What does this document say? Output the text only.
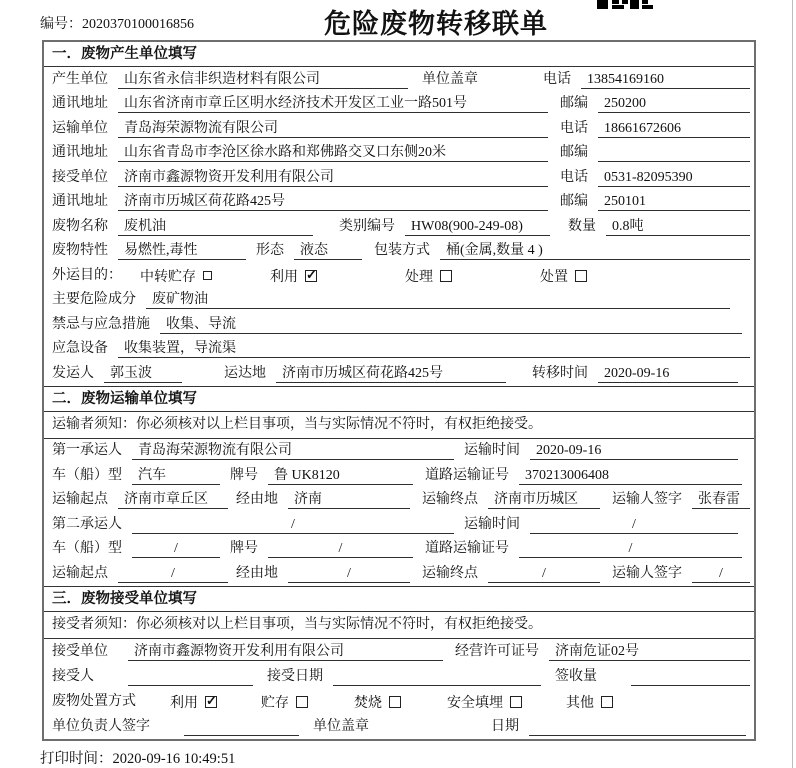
编号：2020370100016856	危险废物转移联单
一．废物产生单位填写
产生单位	山东省永信非织造材料有限公司	单位盖章	电话	13854169160
通讯地址	山东省济南市章丘区明水经济技术开发区工业一路501号	邮编	250200
运输单位	青岛海荣源物流有限公司	电话	18661672606
通讯地址	山东省青岛市李沧区徐水路和郑佛路交叉口东侧20米	邮编
接受单位	济南市鑫源物资开发利用有限公司	电话	0531-82095390
通讯地址	济南市历城区荷花路425号	邮编	250101
废物名称	废机油	类别编号	HW08(900-249-08)	数量	0.8吨
废物特性	易燃性,毒性	形态	液态	包装方式	桶(金属,数量 4 )
外运目的： 中转贮存	利用 ✓	处理	处置
主要危险成分	废矿物油
禁忌与应急措施	收集、导流
应急设备	收集装置，导流渠
发运人	郭玉波	运达地	济南市历城区荷花路425号	转移时间	2020-09-16
二．废物运输单位填写
运输者须知：你必须核对以上栏目事项，当与实际情况不符时，有权拒绝接受。
第一承运人	青岛海荣源物流有限公司	运输时间	2020-09-16
车（船）型	汽车	牌号	鲁 UK8120	道路运输证号	370213006408
运输起点	济南市章丘区	经由地	济南	运输终点	济南市历城区	运输人签字	张春雷
第二承运人	/	运输时间	/
车（船）型	/	牌号	/	道路运输证号	/
运输起点	/	经由地	/	运输终点	/	运输人签字	/
三．废物接受单位填写
接受者须知：你必须核对以上栏目事项，当与实际情况不符时，有权拒绝接受。
接受单位	济南市鑫源物资开发利用有限公司	经营许可证号	济南危证02号
接受人	接受日期	签收量
废物处置方式 利用 ✓	贮存	焚烧	安全填埋	其他
单位负责人签字	单位盖章	日期
打印时间：2020-09-16 10:49:51
